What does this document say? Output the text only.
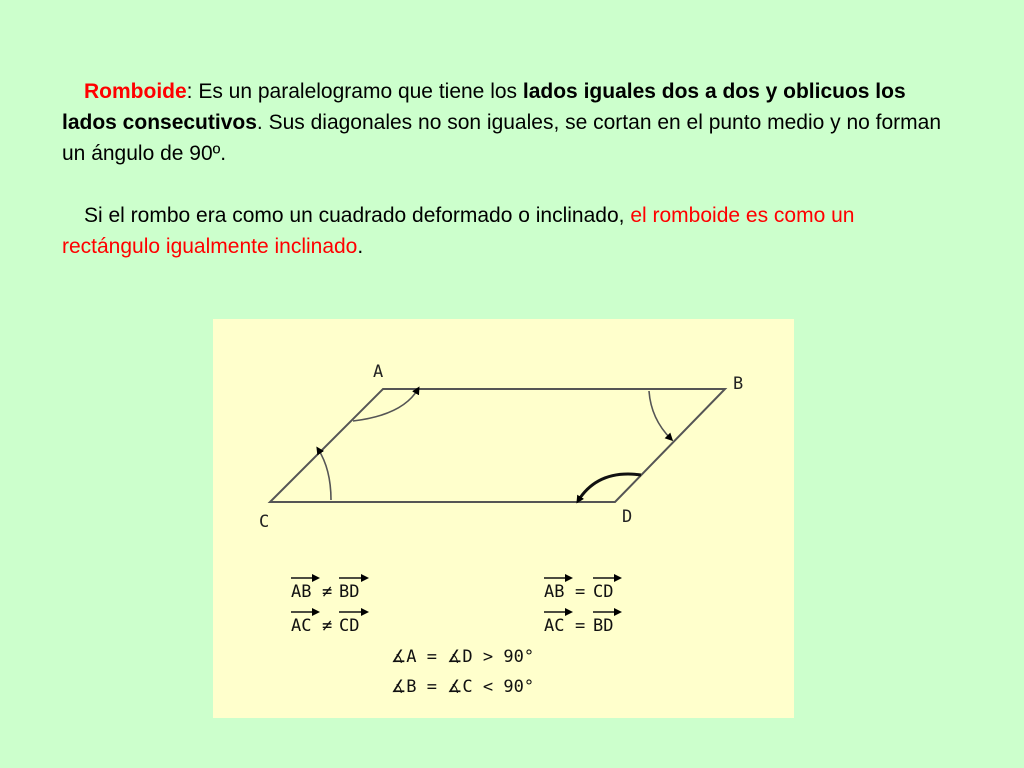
Romboide: Es un paralelogramo que tiene los lados iguales dos a dos y oblicuos los lados consecutivos. Sus diagonales no son iguales, se cortan en el punto medio y no forman un ángulo de 90º.

Si el rombo era como un cuadrado deformado o inclinado, el romboide es como un rectángulo igualmente inclinado.

A
B
C	D
AB ≠ BD
AC ≠ CD
AB = CD
AC = BD
∡A = ∡D > 90°
∡B = ∡C < 90°
